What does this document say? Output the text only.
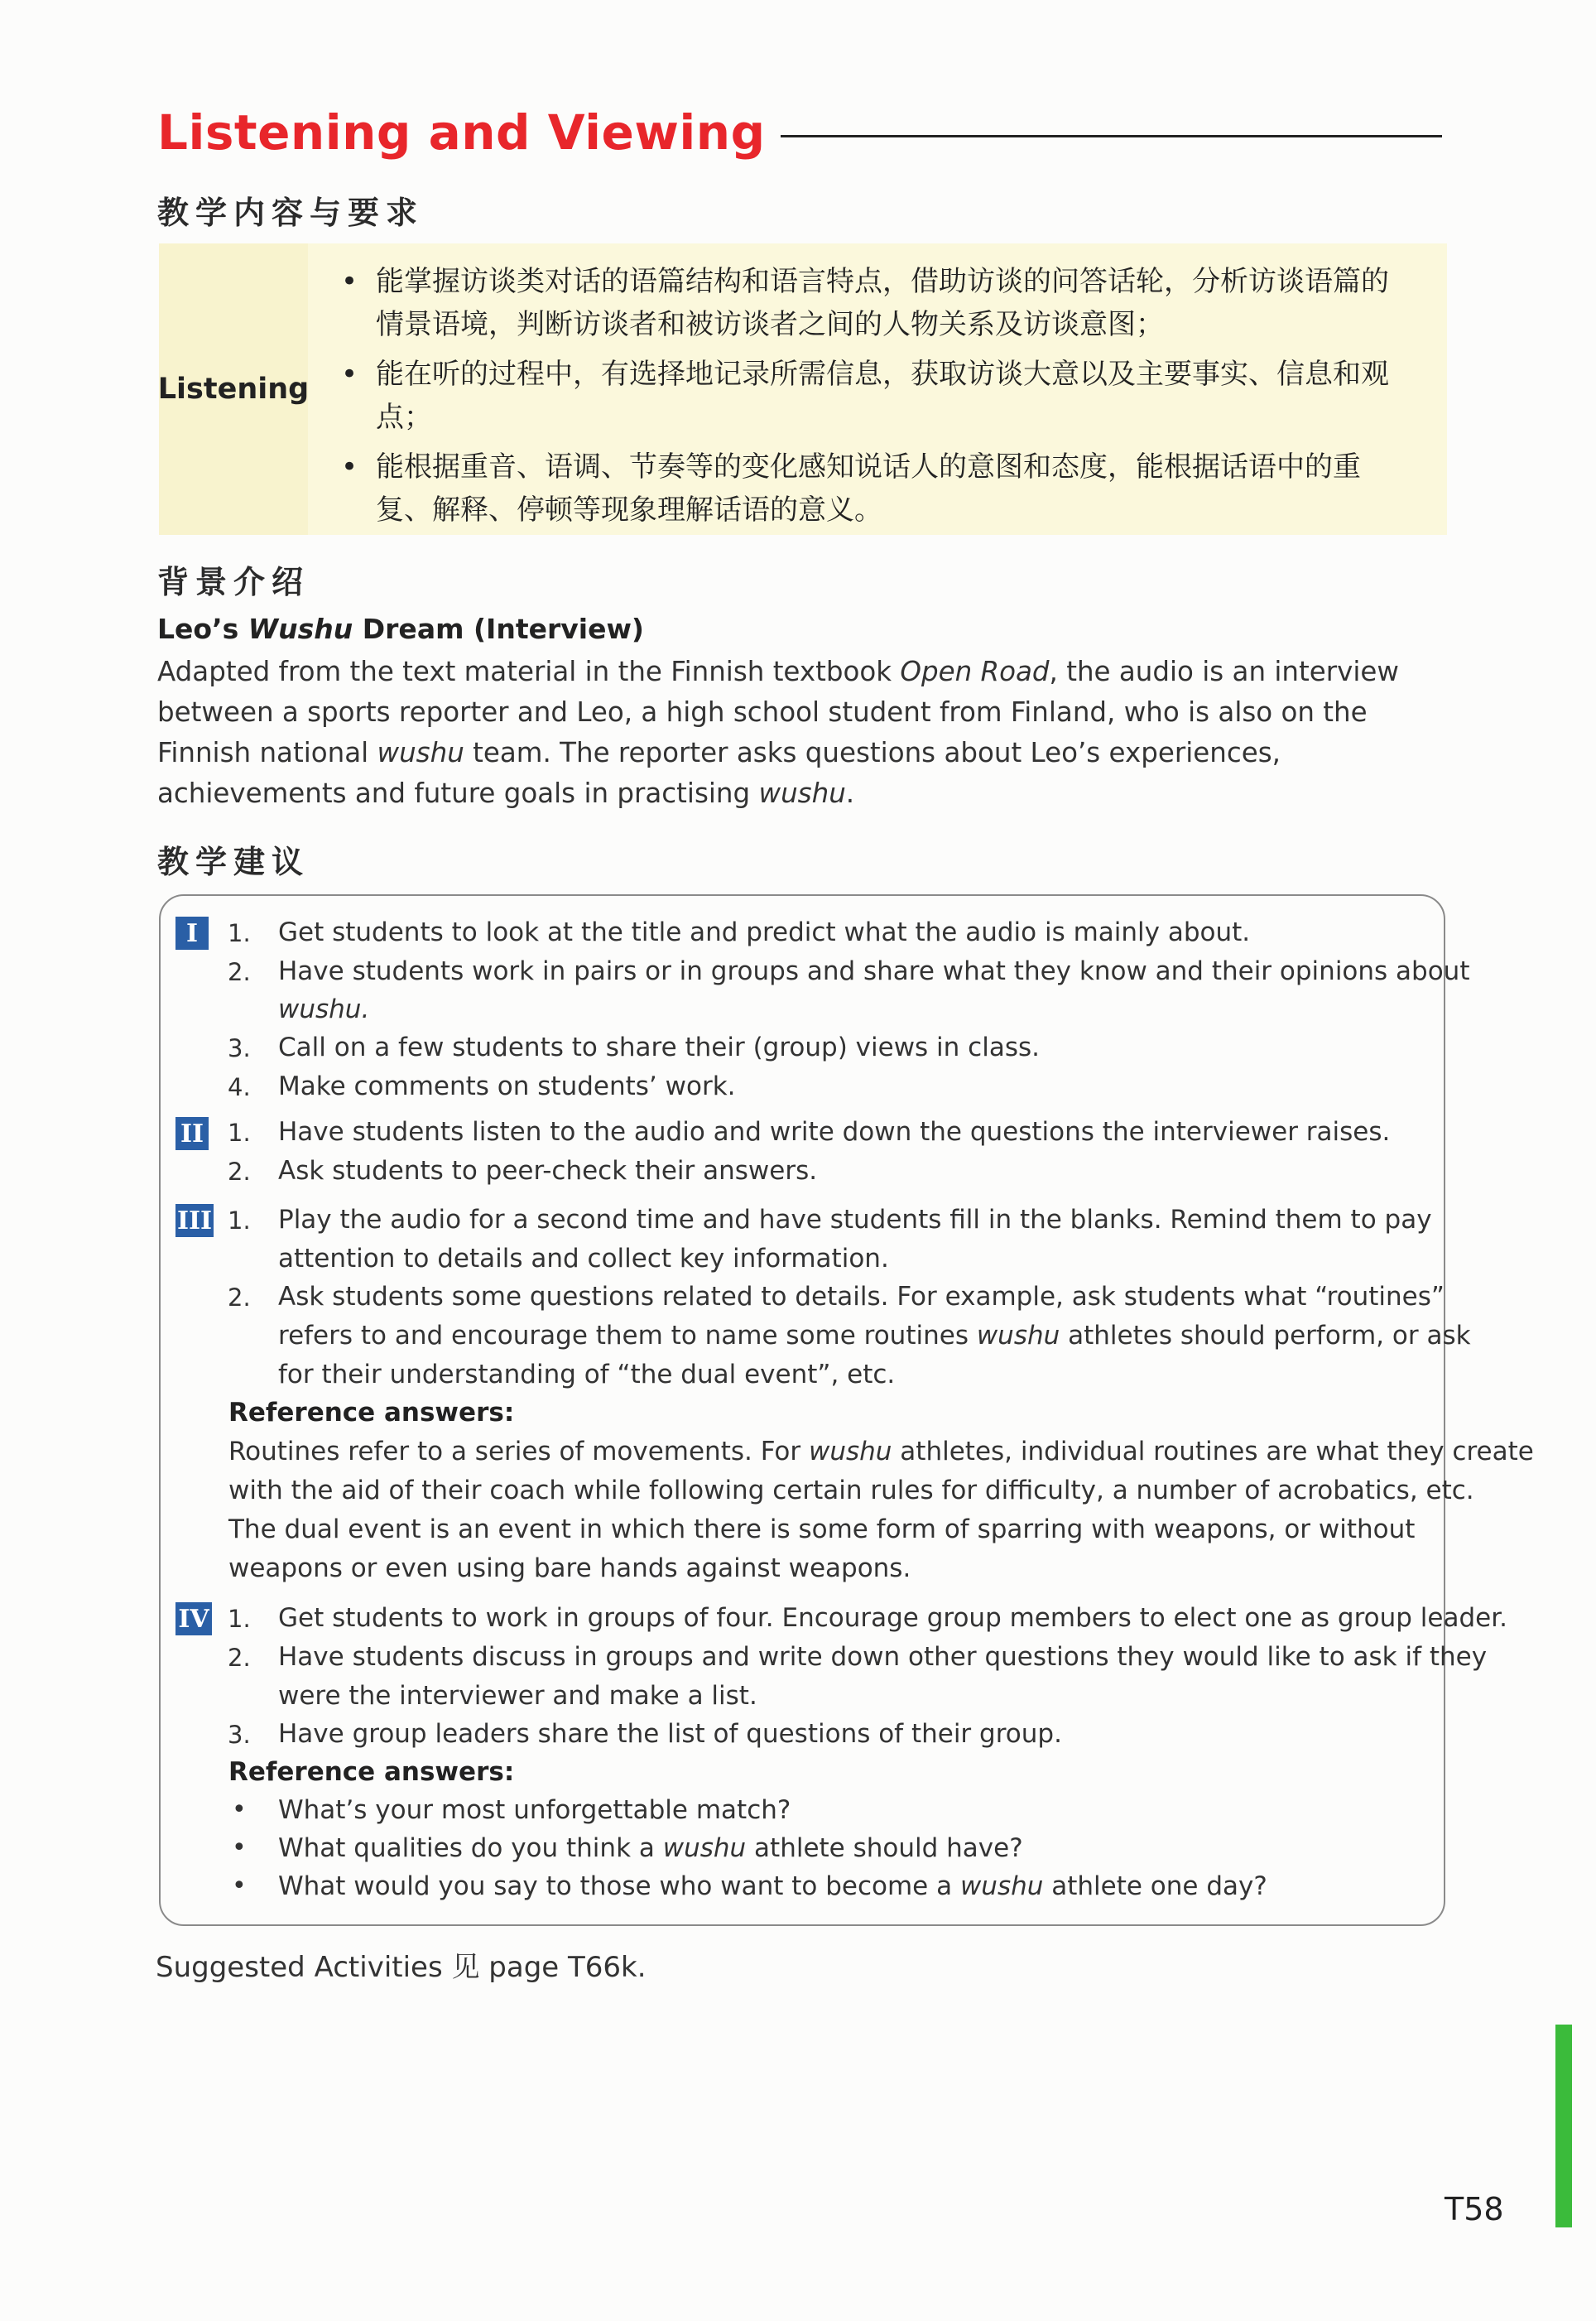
Listening and Viewing
教学内容与要求
Listening
• 能掌握访谈类对话的语篇结构和语言特点，借助访谈的问答话轮，分析访谈语篇的情景语境，判断访谈者和被访谈者之间的人物关系及访谈意图；
• 能在听的过程中，有选择地记录所需信息，获取访谈大意以及主要事实、信息和观点；
• 能根据重音、语调、节奏等的变化感知说话人的意图和态度，能根据话语中的重复、解释、停顿等现象理解话语的意义。
背景介绍
Leo’s Wushu Dream (Interview)
Adapted from the text material in the Finnish textbook Open Road, the audio is an interview between a sports reporter and Leo, a high school student from Finland, who is also on the Finnish national wushu team. The reporter asks questions about Leo’s experiences, achievements and future goals in practising wushu.
教学建议
I	1. Get students to look at the title and predict what the audio is mainly about.
2. Have students work in pairs or in groups and share what they know and their opinions about
wushu.
3. Call on a few students to share their (group) views in class.
4. Make comments on students’ work.
II 1. Have students listen to the audio and write down the questions the interviewer raises.
2. Ask students to peer-check their answers.
III 1. Play the audio for a second time and have students fill in the blanks. Remind them to pay
attention to details and collect key information.
2. Ask students some questions related to details. For example, ask students what “routines”
refers to and encourage them to name some routines wushu athletes should perform, or ask
for their understanding of “the dual event”, etc.
Reference answers:
Routines refer to a series of movements. For wushu athletes, individual routines are what they create
with the aid of their coach while following certain rules for difficulty, a number of acrobatics, etc.
The dual event is an event in which there is some form of sparring with weapons, or without
weapons or even using bare hands against weapons.
IV 1. Get students to work in groups of four. Encourage group members to elect one as group leader.
2. Have students discuss in groups and write down other questions they would like to ask if they
were the interviewer and make a list.
3. Have group leaders share the list of questions of their group.
Reference answers:
• What’s your most unforgettable match?
• What qualities do you think a wushu athlete should have?
• What would you say to those who want to become a wushu athlete one day?
Suggested Activities 见 page T66k.
T58
